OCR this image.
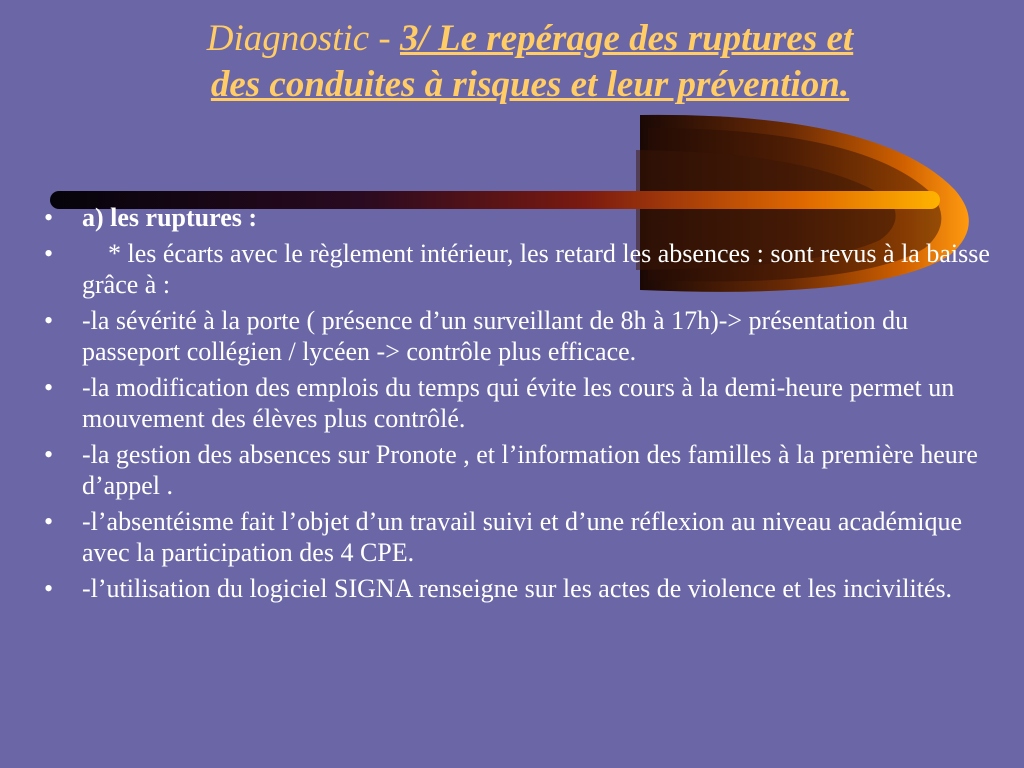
Diagnostic - 3/ Le repérage des ruptures et
des conduites à risques et leur prévention.
•	a) les ruptures :
•	* les écarts avec le règlement intérieur, les retard les absences : sont revus à la baisse grâce à :
•	-la sévérité à la porte ( présence d’un surveillant de 8h à 17h)-> présentation du passeport collégien / lycéen -> contrôle plus efficace.
•	-la modification des emplois du temps qui évite les cours à la demi-heure permet un mouvement des élèves plus contrôlé.
•	-la gestion des absences sur Pronote , et l’information des familles à la première heure d’appel .
•	-l’absentéisme fait l’objet d’un travail suivi et d’une réflexion au niveau académique avec la participation des 4 CPE.
•	-l’utilisation du logiciel SIGNA renseigne sur les actes de violence et les incivilités.
